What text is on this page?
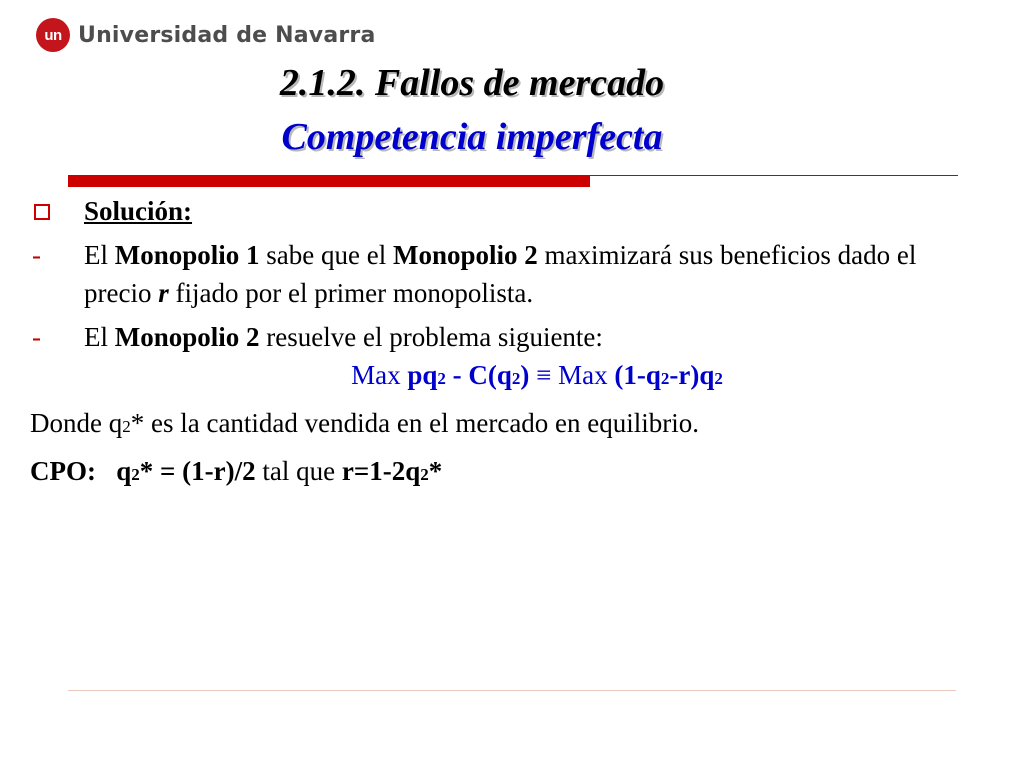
un Universidad de Navarra
2.1.2. Fallos de mercado
Competencia imperfecta
Solución:
- El Monopolio 1 sabe que el Monopolio 2 maximizará sus beneficios dado el precio r fijado por el primer monopolista.
- El Monopolio 2 resuelve el problema siguiente:
Max pq2 - C(q2) ≡ Max (1-q2-r)q2
Donde q2* es la cantidad vendida en el mercado en equilibrio.
CPO: q2* = (1-r)/2 tal que r=1-2q2*
